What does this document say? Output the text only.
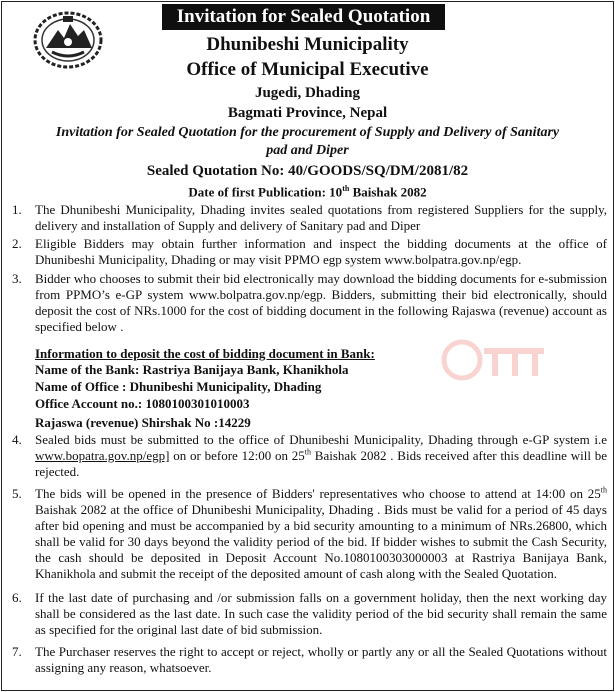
Invitation for Sealed Quotation
Dhunibeshi Municipality
Office of Municipal Executive
Jugedi, Dhading
Bagmati Province, Nepal
Invitation for Sealed Quotation for the procurement of Supply and Delivery of Sanitary pad and Diper
Sealed Quotation No: 40/GOODS/SQ/DM/2081/82
Date of first Publication: 10th Baishak 2082
1.	The Dhunibeshi Municipality, Dhading invites sealed quotations from registered Suppliers for the supply, delivery and installation of Supply and delivery of Sanitary pad and Diper
2.	Eligible Bidders may obtain further information and inspect the bidding documents at the office of Dhunibeshi Municipality, Dhading or may visit PPMO egp system www.bolpatra.gov.np/egp.
3.	Bidder who chooses to submit their bid electronically may download the bidding documents for e-submission from PPMO’s e-GP system www.bolpatra.gov.np/egp. Bidders, submitting their bid electronically, should deposit the cost of NRs.1000 for the cost of bidding document in the following Rajaswa (revenue) account as specified below .
Information to deposit the cost of bidding document in Bank:
Name of the Bank: Rastriya Banijaya Bank, Khanikhola
Name of Office : Dhunibeshi Municipality, Dhading
Office Account no.: 1080100301010003
Rajaswa (revenue) Shirshak No :14229
4.	Sealed bids must be submitted to the office of Dhunibeshi Municipality, Dhading through e-GP system i.e www.bopatra.gov.np/egp] on or before 12:00 on 25th Baishak 2082 . Bids received after this deadline will be rejected.
5.	The bids will be opened in the presence of Bidders' representatives who choose to attend at 14:00 on 25th Baishak 2082 at the office of Dhunibeshi Municipality, Dhading . Bids must be valid for a period of 45 days after bid opening and must be accompanied by a bid security amounting to a minimum of NRs.26800, which shall be valid for 30 days beyond the validity period of the bid. If bidder wishes to submit the Cash Security, the cash should be deposited in Deposit Account No.1080100303000003 at Rastriya Banijaya Bank, Khanikhola and submit the receipt of the deposited amount of cash along with the Sealed Quotation.
6.	If the last date of purchasing and /or submission falls on a government holiday, then the next working day shall be considered as the last date. In such case the validity period of the bid security shall remain the same as specified for the original last date of bid submission.
7.	The Purchaser reserves the right to accept or reject, wholly or partly any or all the Sealed Quotations without assigning any reason, whatsoever.
